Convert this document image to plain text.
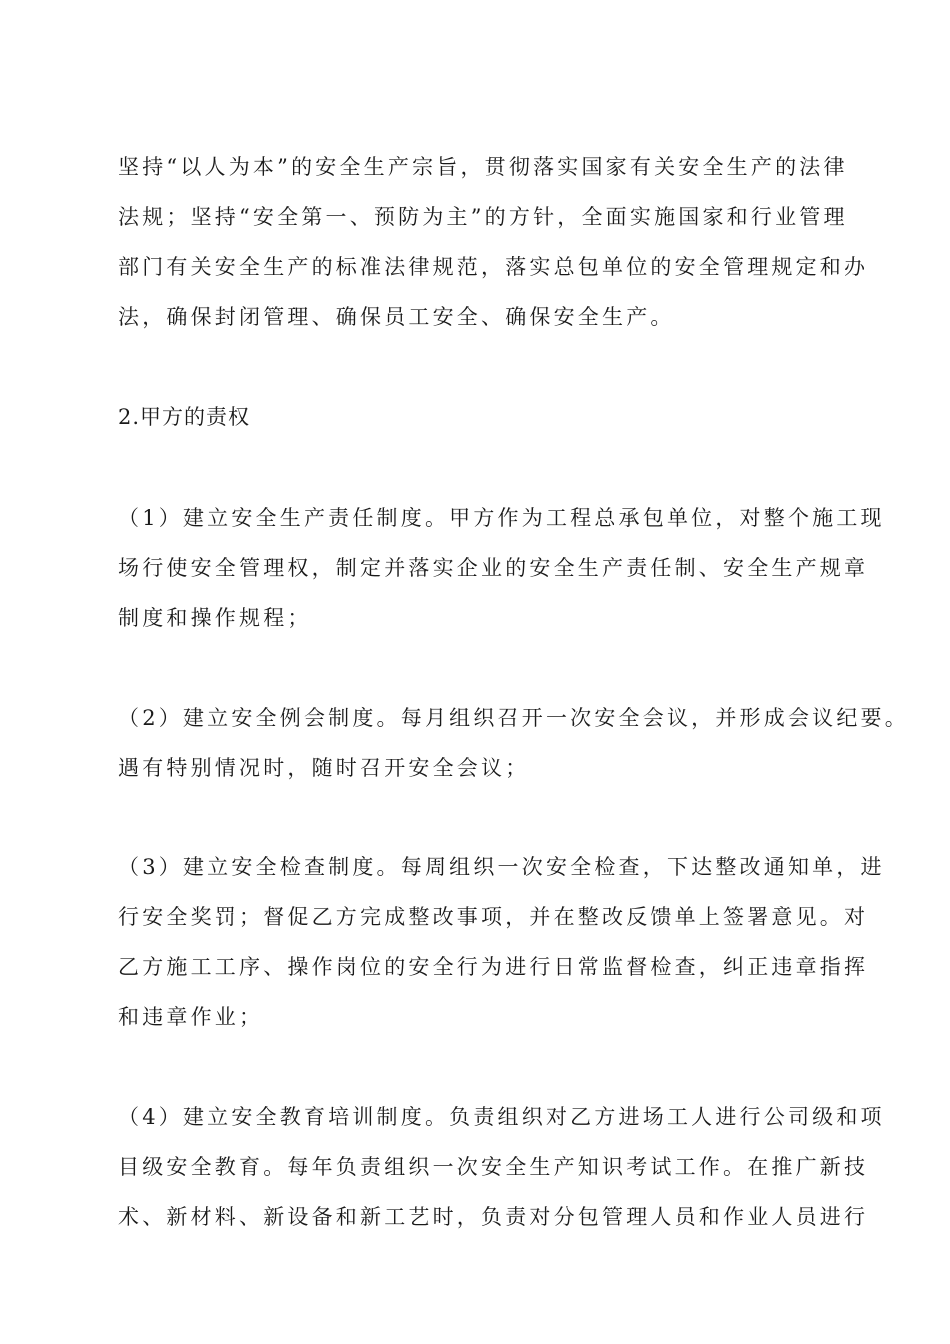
坚持“以人为本”的安全生产宗旨，贯彻落实国家有关安全生产的法律
法规；坚持“安全第一、预防为主”的方针，全面实施国家和行业管理
部门有关安全生产的标准法律规范，落实总包单位的安全管理规定和办
法，确保封闭管理、确保员工安全、确保安全生产。
2.甲方的责权
（1）建立安全生产责任制度。甲方作为工程总承包单位，对整个施工现
场行使安全管理权，制定并落实企业的安全生产责任制、安全生产规章
制度和操作规程；
（2）建立安全例会制度。每月组织召开一次安全会议，并形成会议纪要。
遇有特别情况时，随时召开安全会议；
（3）建立安全检查制度。每周组织一次安全检查，下达整改通知单，进
行安全奖罚；督促乙方完成整改事项，并在整改反馈单上签署意见。对
乙方施工工序、操作岗位的安全行为进行日常监督检查，纠正违章指挥
和违章作业；
（4）建立安全教育培训制度。负责组织对乙方进场工人进行公司级和项
目级安全教育。每年负责组织一次安全生产知识考试工作。在推广新技
术、新材料、新设备和新工艺时，负责对分包管理人员和作业人员进行
